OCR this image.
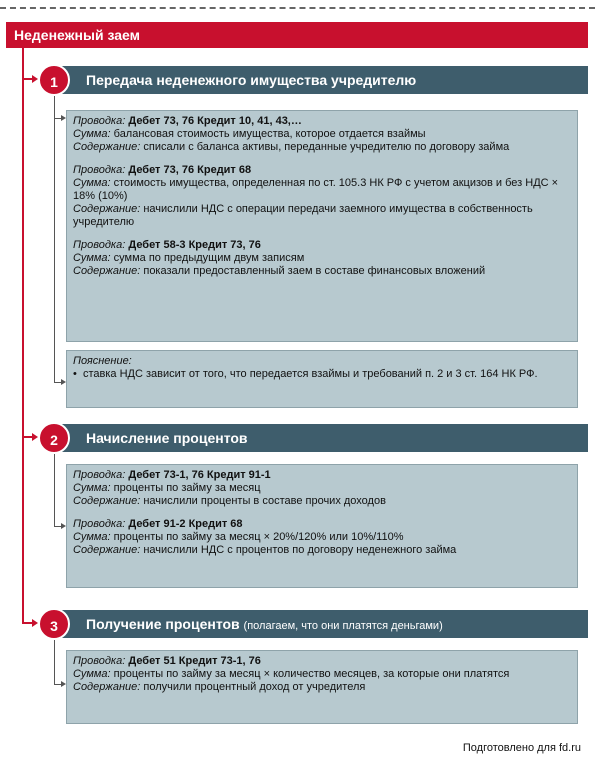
Неденежный заем
Передача неденежного имущества учредителю
1
Проводка: Дебет 73, 76 Кредит 10, 41, 43,…
Сумма: балансовая стоимость имущества, которое отдается взаймы
Содержание: списали с баланса активы, переданные учредителю по договору займа
Проводка: Дебет 73, 76 Кредит 68
Сумма: стоимость имущества, определенная по ст. 105.3 НК РФ с учетом акцизов и без НДС × 18% (10%)
Содержание: начислили НДС с операции передачи заемного имущества в собственность учредителю
Проводка: Дебет 58-3 Кредит 73, 76
Сумма: сумма по предыдущим двум записям
Содержание: показали предоставленный заем в составе финансовых вложений
Пояснение:
• ставка НДС зависит от того, что передается взаймы и требований п. 2 и 3 ст. 164 НК РФ.
Начисление процентов
2
Проводка: Дебет 73-1, 76 Кредит 91-1
Сумма: проценты по займу за месяц
Содержание: начислили проценты в составе прочих доходов
Проводка: Дебет 91-2 Кредит 68
Сумма: проценты по займу за месяц × 20%/120% или 10%/110%
Содержание: начислили НДС с процентов по договору неденежного займа
Получение процентов (полагаем, что они платятся деньгами)
3
Проводка: Дебет 51 Кредит 73-1, 76
Сумма: проценты по займу за месяц × количество месяцев, за которые они платятся
Содержание: получили процентный доход от учредителя
Подготовлено для fd.ru
